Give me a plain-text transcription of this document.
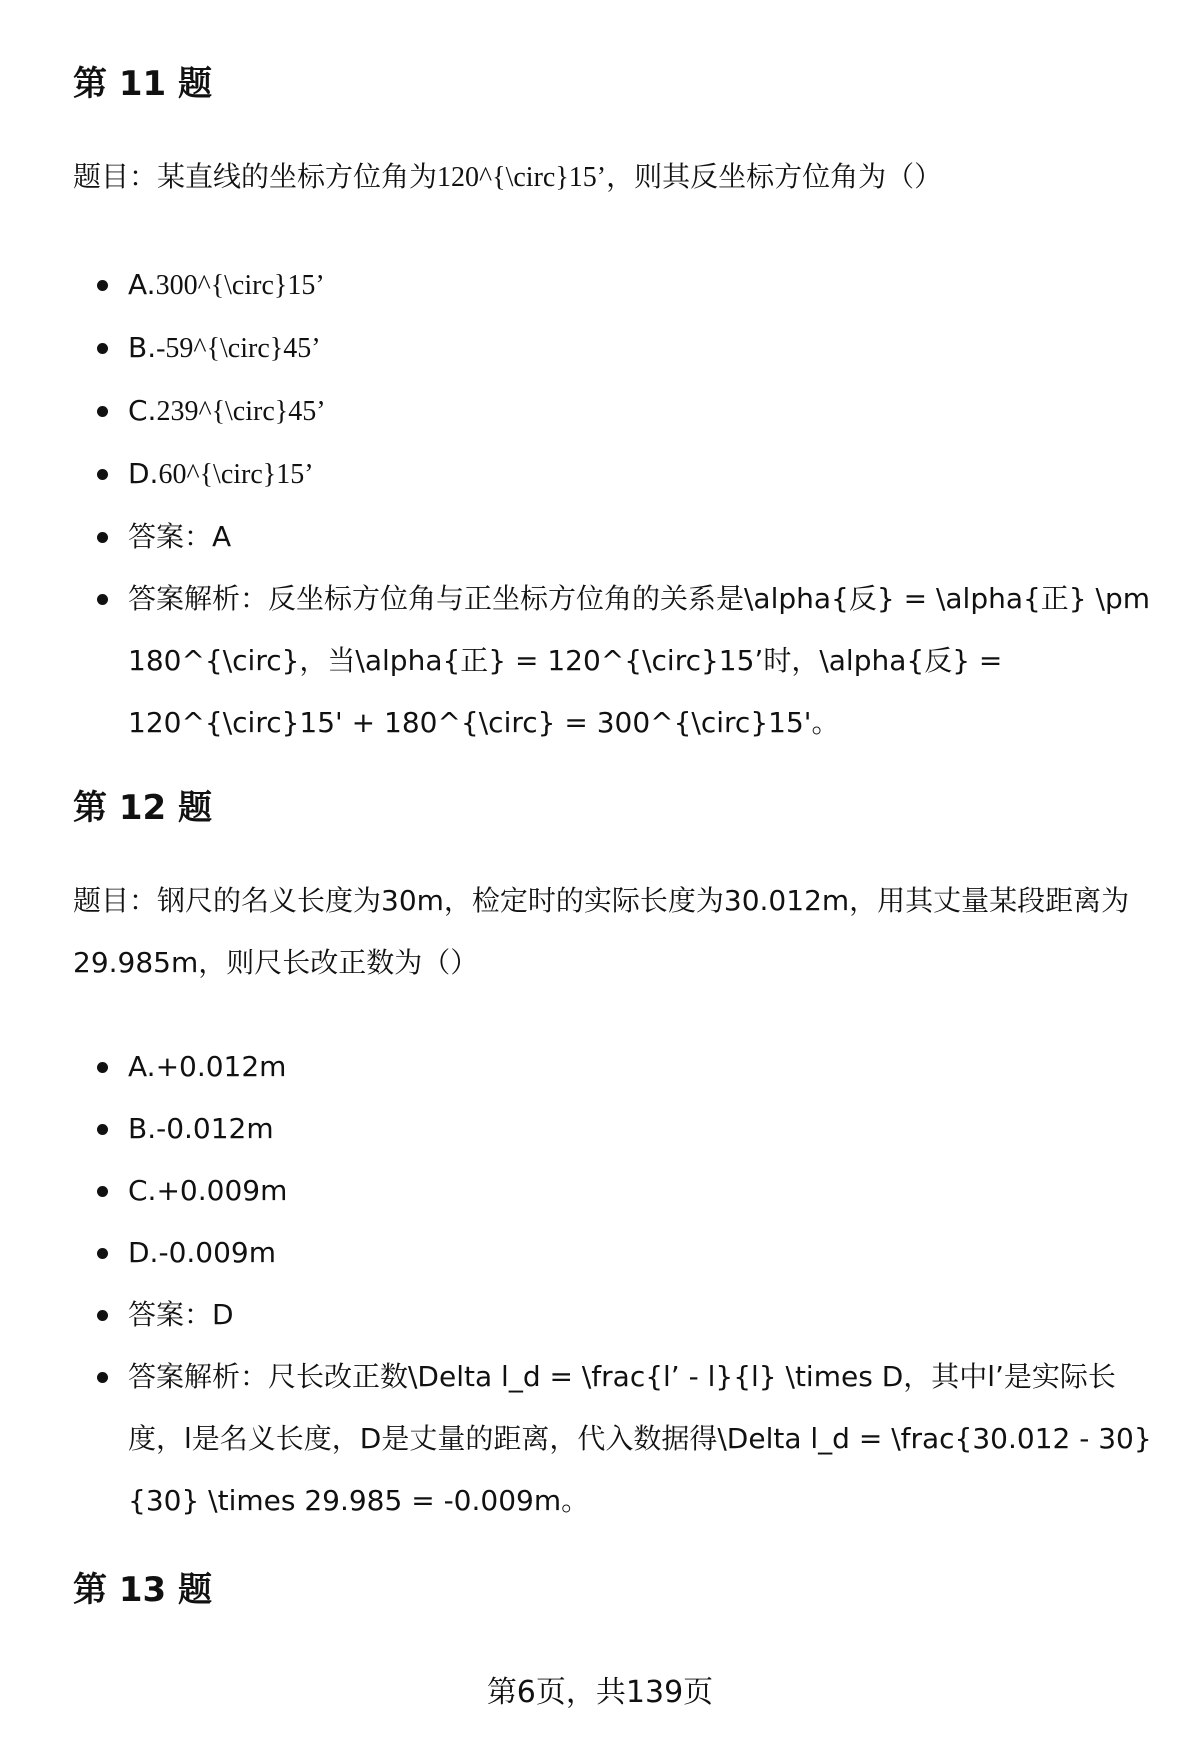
第 11 题

题目：某直线的坐标方位角为120^{\circ}15’，则其反坐标方位角为（）

A.300^{\circ}15’
B.-59^{\circ}45’
C.239^{\circ}45’
D.60^{\circ}15’
答案：A
答案解析：反坐标方位角与正坐标方位角的关系是\alpha{反} = \alpha{正} \pm 180^{\circ}，当\alpha{正} = 120^{\circ}15’时，\alpha{反} = 120^{\circ}15' + 180^{\circ} = 300^{\circ}15'。
第 12 题

题目：钢尺的名义长度为30m，检定时的实际长度为30.012m，用其丈量某段距离为29.985m，则尺长改正数为（）

A.+0.012m
B.-0.012m
C.+0.009m
D.-0.009m
答案：D
答案解析：尺长改正数\Delta l_d = \frac{l’ - l}{l} \times D，其中l’是实际长度，l是名义长度，D是丈量的距离，代入数据得\Delta l_d = \frac{30.012 - 30}{30} \times 29.985 = -0.009m。
第 13 题
第6页，共139页
